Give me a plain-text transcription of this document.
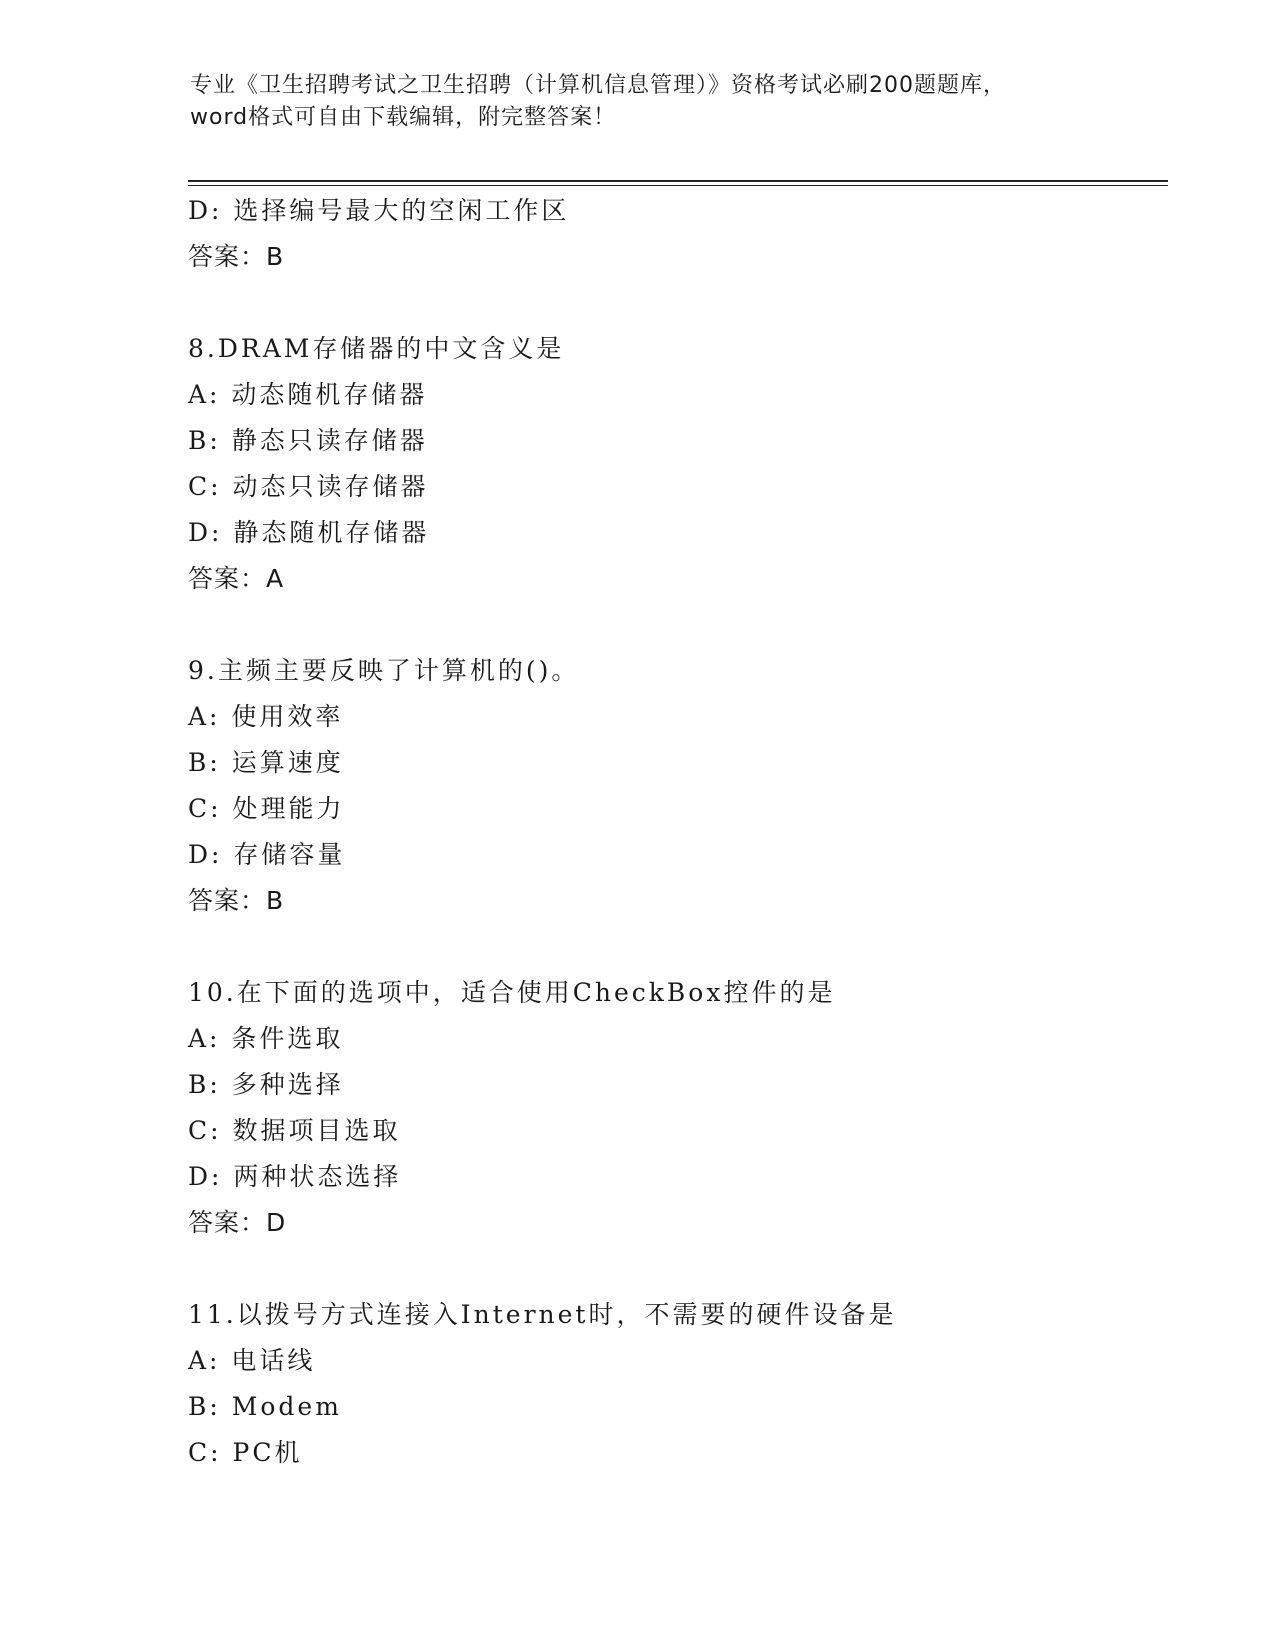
专业《卫生招聘考试之卫生招聘（计算机信息管理）》资格考试必刷200题题库，
word格式可自由下载编辑，附完整答案！
D: 选择编号最大的空闲工作区
答案：B
8.DRAM存储器的中文含义是
A: 动态随机存储器
B: 静态只读存储器
C: 动态只读存储器
D: 静态随机存储器
答案：A
9.主频主要反映了计算机的()。
A: 使用效率
B: 运算速度
C: 处理能力
D: 存储容量
答案：B
10.在下面的选项中，适合使用CheckBox控件的是
A: 条件选取
B: 多种选择
C: 数据项目选取
D: 两种状态选择
答案：D
11.以拨号方式连接入Internet时，不需要的硬件设备是
A: 电话线
B: Modem
C: PC机
